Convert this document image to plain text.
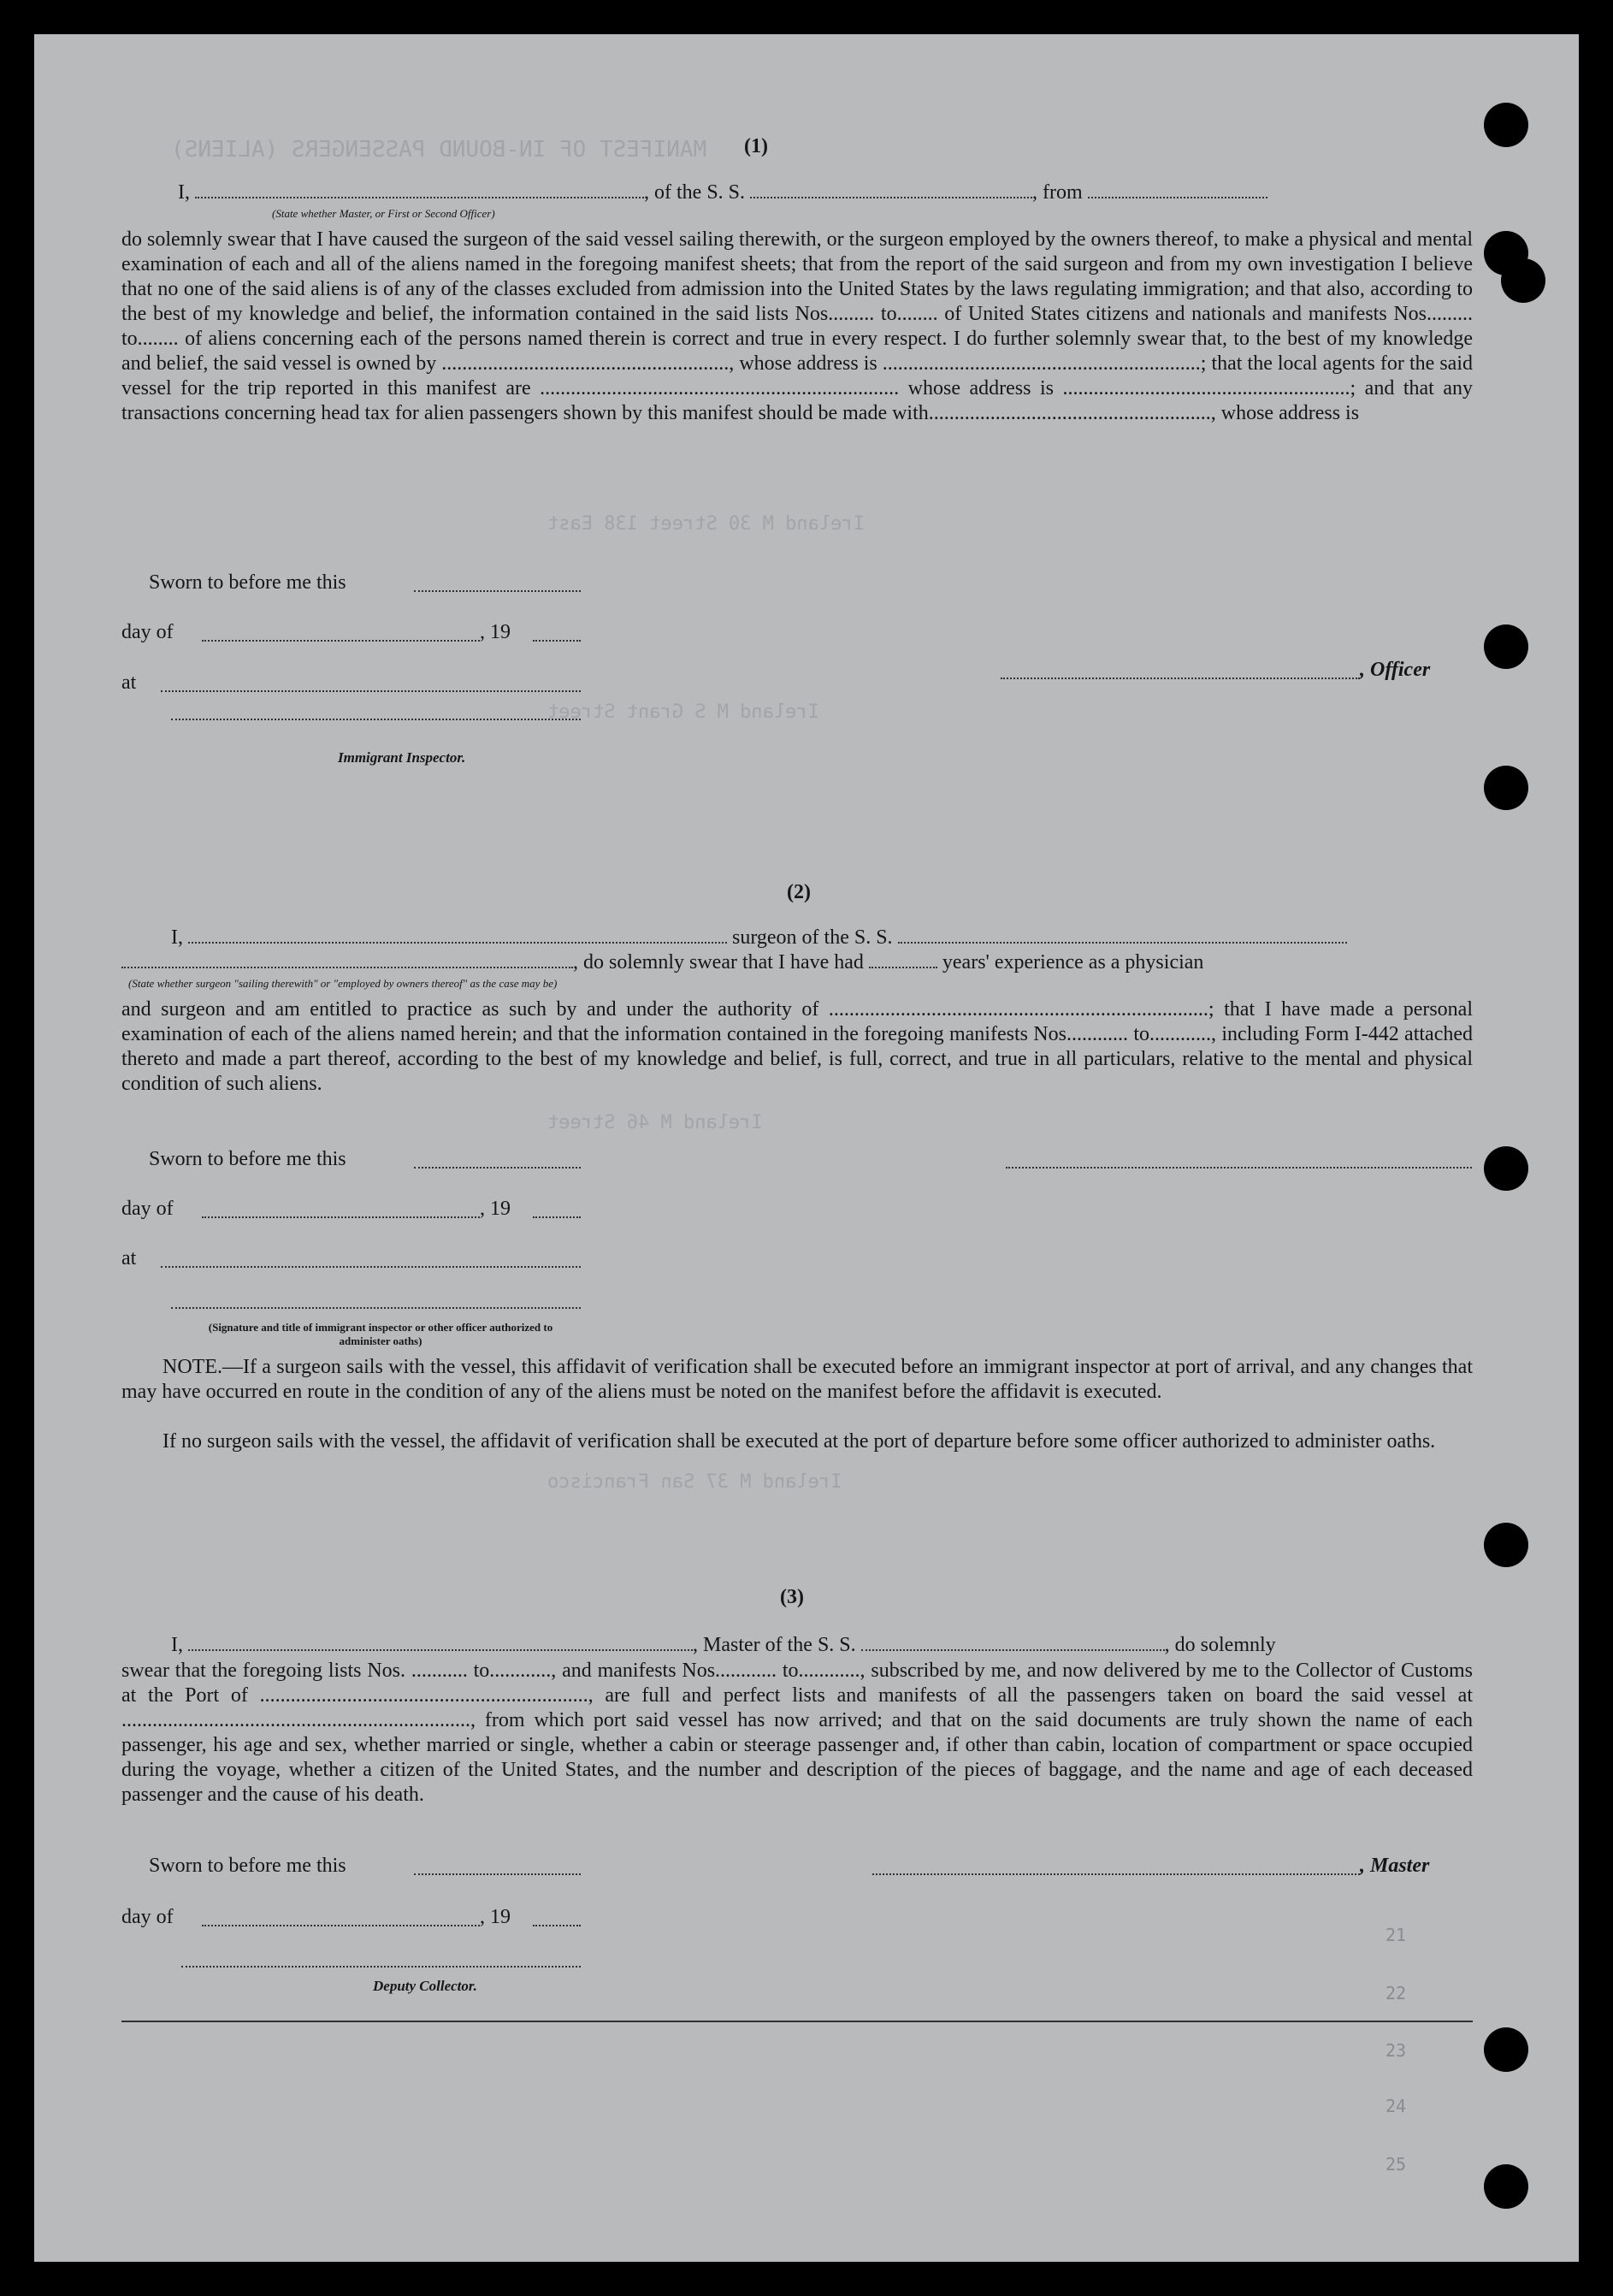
MANIFEST OF IN-BOUND PASSENGERS (ALIENS)
Ireland M 30 Street 138 East
Ireland M S Grant Street
Ireland M 46 Street
Ireland M 37 San Francisco
(1)
I,	, of the S. S.	, from
(State whether Master, or First or Second Officer)
do solemnly swear that I have caused the surgeon of the said vessel sailing therewith, or the surgeon employed by the owners thereof, to make a physical and mental examination of each and all of the aliens named in the foregoing manifest sheets; that from the report of the said surgeon and from my own investigation I believe that no one of the said aliens is of any of the classes excluded from admission into the United States by the laws regulating immigration; and that also, according to the best of my knowledge and belief, the information contained in the said lists Nos......... to........ of United States citizens and nationals and manifests Nos......... to........ of aliens concerning each of the persons named therein is correct and true in every respect. I do further solemnly swear that, to the best of my knowledge and belief, the said vessel is owned by ........................................................, whose address is ..............................................................; that the local agents for the said vessel for the trip reported in this manifest are ...................................................................... whose address is ........................................................; and that any transactions concerning head tax for alien passengers shown by this manifest should be made with......................................................., whose address is
Sworn to before me this
day of	, 19
at
, Officer
Immigrant Inspector.
(2)
I,	surgeon of the S. S.
, do solemnly swear that I have had	years' experience as a physician
(State whether surgeon "sailing therewith" or "employed by owners thereof" as the case may be)
and surgeon and am entitled to practice as such by and under the authority of ..........................................................................; that I have made a personal examination of each of the aliens named herein; and that the information contained in the foregoing manifests Nos............ to............, including Form I-442 attached thereto and made a part thereof, according to the best of my knowledge and belief, is full, correct, and true in all particulars, relative to the mental and physical condition of such aliens.
Sworn to before me this
day of	, 19
at
(Signature and title of immigrant inspector or other officer authorized to administer oaths)
NOTE.—If a surgeon sails with the vessel, this affidavit of verification shall be executed before an immigrant inspector at port of arrival, and any changes that may have occurred en route in the condition of any of the aliens must be noted on the manifest before the affidavit is executed.
If no surgeon sails with the vessel, the affidavit of verification shall be executed at the port of departure before some officer authorized to administer oaths.
(3)
I,	, Master of the S. S.	, do solemnly
swear that the foregoing lists Nos. ........... to............, and manifests Nos............ to............, subscribed by me, and now delivered by me to the Collector of Customs at the Port of ................................................................, are full and perfect lists and manifests of all the passengers taken on board the said vessel at ...................................................................., from which port said vessel has now arrived; and that on the said documents are truly shown the name of each passenger, his age and sex, whether married or single, whether a cabin or steerage passenger and, if other than cabin, location of compartment or space occupied during the voyage, whether a citizen of the United States, and the number and description of the pieces of baggage, and the name and age of each deceased passenger and the cause of his death.
Sworn to before me this	, Master
day of	, 19
Deputy Collector.
21
22
23
24
25
